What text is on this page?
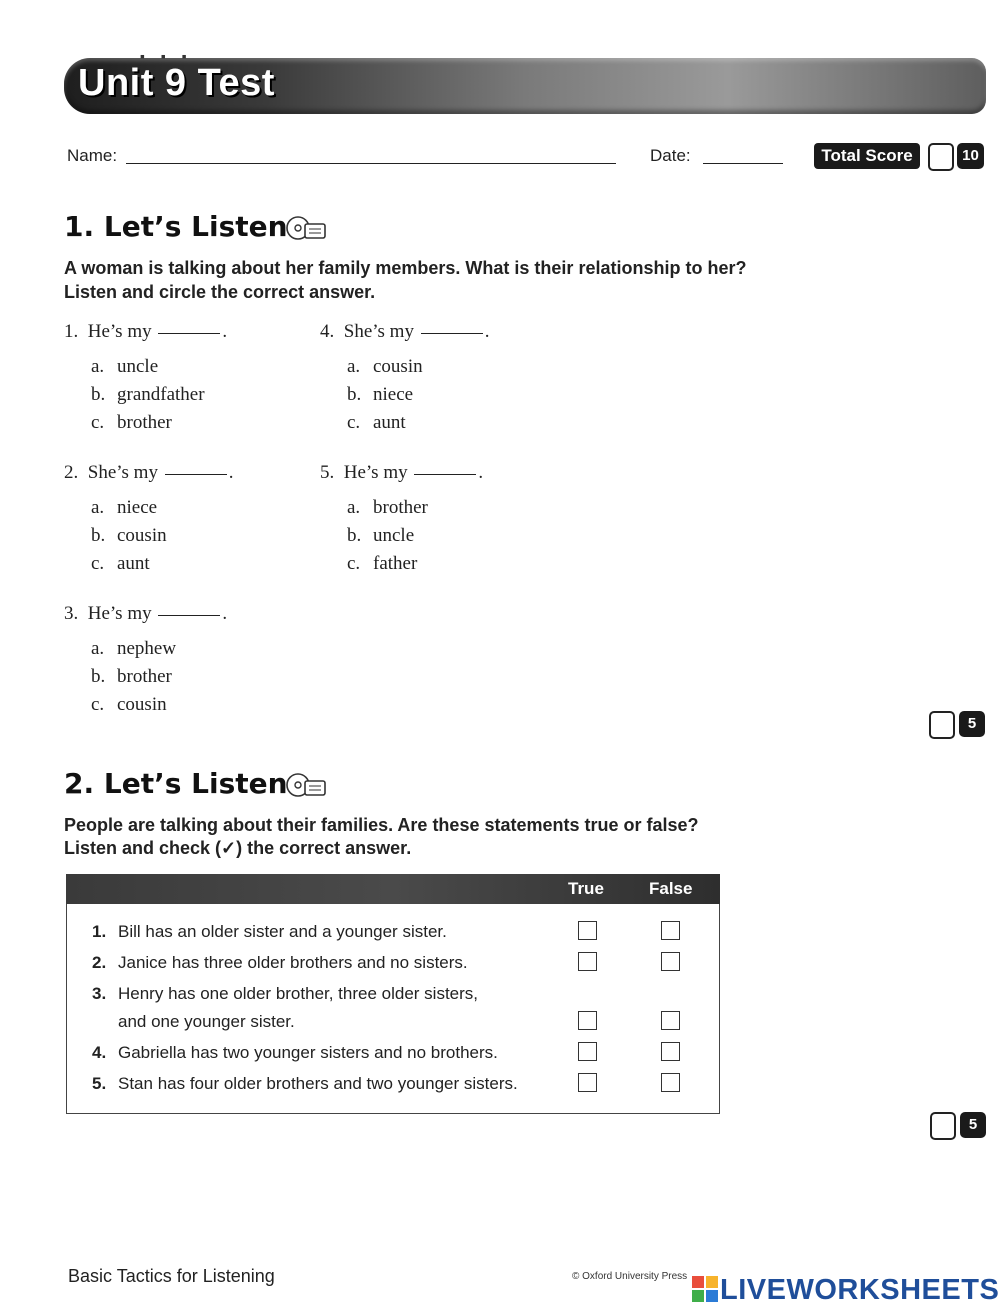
▪ ▪ ▪
Unit 9 Test
Name:	Date:	Total Score	10
1. Let’s Listen
A woman is talking about her family members. What is their relationship to her?
Listen and circle the correct answer.
1. He’s my	.
a. uncle
b. grandfather
c. brother
2. She’s my	.
a. niece
b. cousin
c. aunt
3. He’s my	.
a. nephew
b. brother
c. cousin
4. She’s my	.
a. cousin
b. niece
c. aunt
5. He’s my	.
a. brother
b. uncle
c. father
5
2. Let’s Listen
People are talking about their families. Are these statements true or false?
Listen and check (✓) the correct answer.
True	False
1. Bill has an older sister and a younger sister.
2. Janice has three older brothers and no sisters.
3. Henry has one older brother, three older sisters,
and one younger sister.
4. Gabriella has two younger sisters and no brothers.
5. Stan has four older brothers and two younger sisters.
5
Basic Tactics for Listening	© Oxford University Press LIVEWORKSHEETS
